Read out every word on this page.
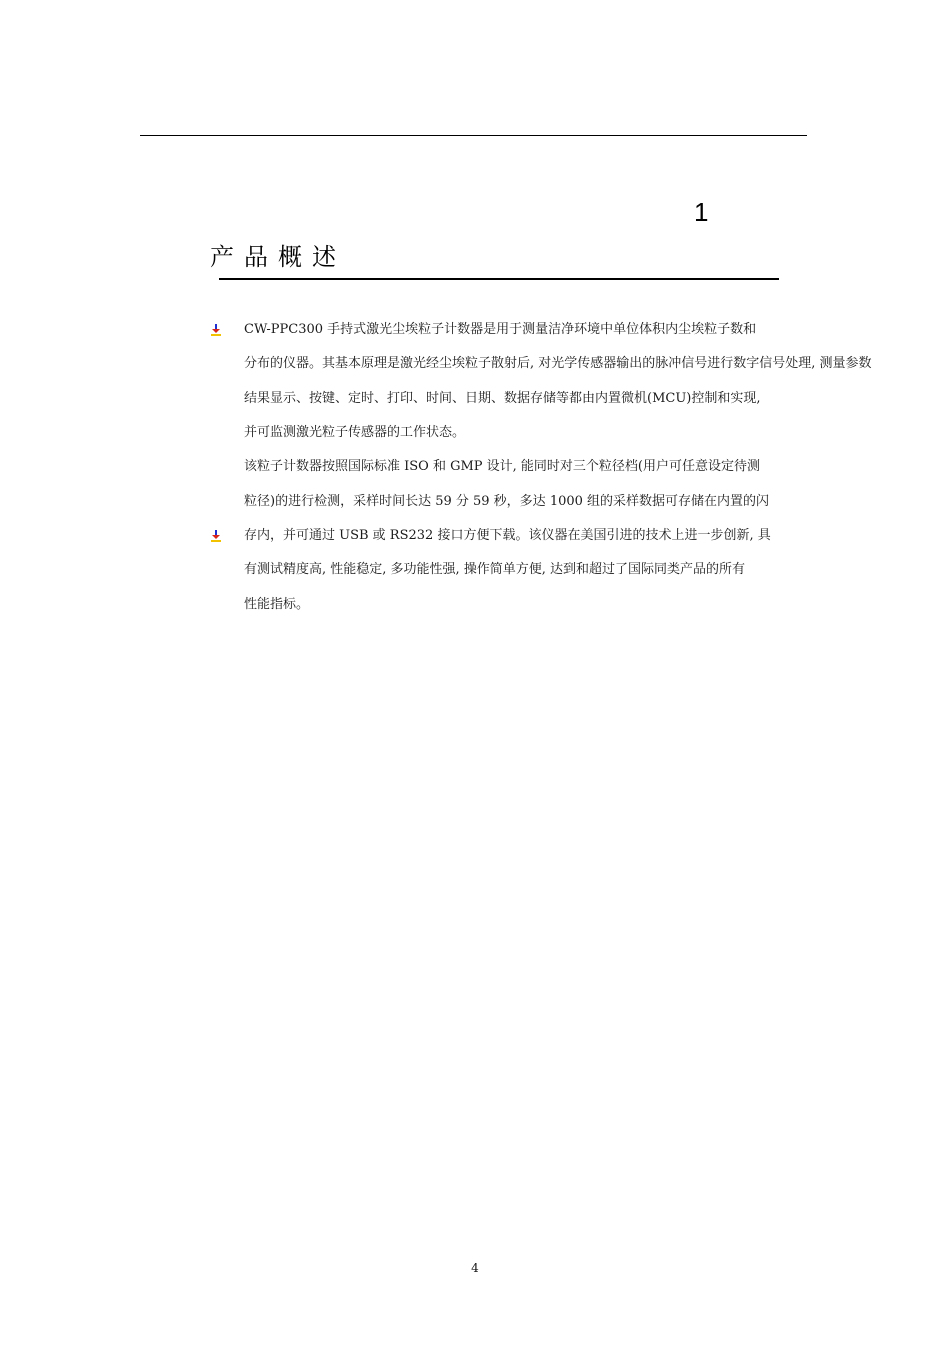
1
产品概述
CW-PPC300 手持式激光尘埃粒子计数器是用于测量洁净环境中单位体积内尘埃粒子数和
分布的仪器。其基本原理是激光经尘埃粒子散射后, 对光学传感器输出的脉冲信号进行数字信号处理, 测量参数
结果显示、按键、定时、打印、时间、日期、数据存储等都由内置微机(MCU)控制和实现,
并可监测激光粒子传感器的工作状态。
该粒子计数器按照国际标准 ISO 和 GMP 设计, 能同时对三个粒径档(用户可任意设定待测
粒径)的进行检测，采样时间长达 59 分 59 秒，多达 1000 组的采样数据可存储在内置的闪
存内，并可通过 USB 或 RS232 接口方便下载。该仪器在美国引进的技术上进一步创新, 具
有测试精度高, 性能稳定, 多功能性强, 操作简单方便, 达到和超过了国际同类产品的所有
性能指标。
4
